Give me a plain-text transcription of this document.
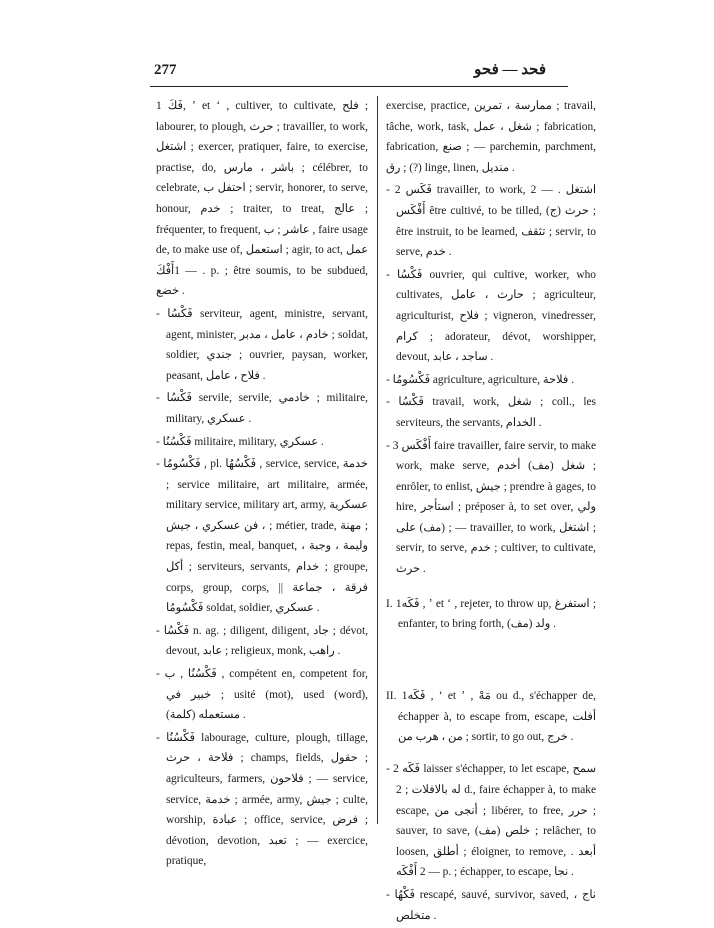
277	فحد — فحو

1 فَكَ, ʼ et ʻ , cultiver, to cultivate, فلح ; labourer, to plough, حرث ; travailler, to work, اشتغل ; exercer, pratiquer, faire, to exercise, practise, do, باشر ، مارس ; célébrer, to celebrate, احتفل ب ; servir, honorer, to serve, honour, خدم ; traiter, to treat, عالج ; fréquenter, to frequent, عاشر ; ب , faire usage de, to make use of, استعمل ; agir, to act, عمل . — 1أَفْكَ p. ; être soumis, to be subdued, خضع .

- فَكْسُا serviteur, agent, ministre, servant, agent, minister, خادم ، عامل ، مدبر ; soldat, soldier, جندي ; ouvrier, paysan, worker, peasant, فلاح ، عامل .

- فَكْسُا servile, servile, خادمي ; militaire, military, عسكري .

- فَكْسُنُا militaire, military, عسكري .

- فَكْسُومُا , pl. فَكْسُهُا , service, service, خدمة ; service militaire, art militaire, armée, military service, military art, army, عسكرية ، فن عسكري ، جيش ; métier, trade, مهنة ; repas, festin, meal, banquet, وليمة ، وجبة ، أكل ; serviteurs, servants, خدام ; groupe, corps, group, corps, فرقة ، جماعة || فَكْسُومُا soldat, soldier, عسكري .

- فَكْسُا n. ag. ; diligent, diligent, جاد ; dévot, devout, عابد ; religieux, monk, راهب .

- فَكْسُنُا , ب , compétent en, competent for, خبير في ; usité (mot), used (word), مستعمله (كلمة) .

- فَكْسُنُا labourage, culture, plough, tillage, فلاحة ، حرث ; champs, fields, حقول ; agriculteurs, farmers, فلاحون ; — service, service, خدمة ; armée, army, جيش ; culte, worship, عبادة ; office, service, فرض ; dévotion, devotion, تعبد ; — exercice, pratique,

exercise, practice, ممارسة ، تمرين ; travail, tâche, work, task, شغل ، عمل ; fabrication, fabrication, صنع ; — parchemin, parchment, رق ; (?) linge, linen, منديل .

- 2 فَكَس travailler, to work, اشتغل . — 2 أَفْكَس être cultivé, to be tilled, حرث (ج) ; être instruit, to be learned, تثقف ; servir, to serve, خدم .

- فَكْسُا ouvrier, qui cultive, worker, who cultivates, حارث ، عامل ; agriculteur, agriculturist, فلاح ; vigneron, vinedresser, كرام ; adorateur, dévot, worshipper, devout, ساجد ، عابد .

- فَكْسُومُا agriculture, agriculture, فلاحة .

- فَكْسُا travail, work, شغل ; coll., les serviteurs, the servants, الخدام .

- 3 أَفْكَس faire travailler, faire servir, to make work, make serve, شغل (مف) أخدم ; enrôler, to enlist, جيش ; prendre à gages, to hire, استأجر ; préposer à, to set over, ولي (مف) على ; — travailler, to work, اشتغل ; servir, to serve, خدم ; cultiver, to cultivate, حرث .

I. 1فَكَه , ʼ et ʻ , rejeter, to throw up, استفرغ ; enfanter, to bring forth, ولد (مف) .

II. 1فَكَه , ʻ et ʼ , مَهْ ou d., s'échapper de, échapper à, to escape from, escape, أفلت من ، هرب من ; sortir, to go out, خرج .

- 2 فَكَه laisser s'échapper, to let escape, سمح له بالافلات ; 2 d., faire échapper à, to make escape, أنجى من ; libérer, to free, حرر ; sauver, to save, خلص (مف) ; relâcher, to loosen, أطلق ; éloigner, to remove, أبعد . — 2 أَفْكَه p. ; échapper, to escape, نجا .

- فَكْهُا rescapé, sauvé, survivor, saved, ناج ، متخلص .
